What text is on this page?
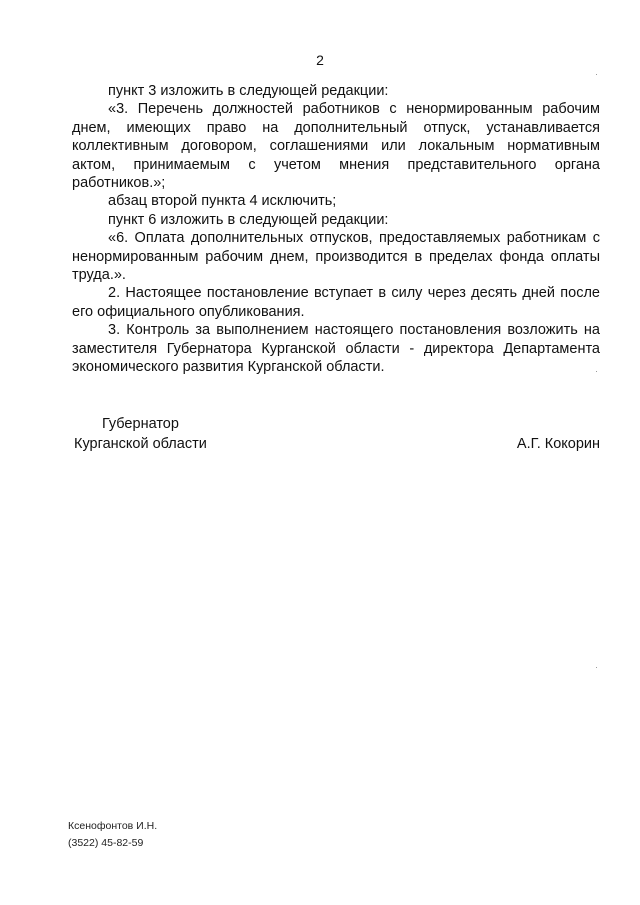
2

пункт 3 изложить в следующей редакции:

«3. Перечень должностей работников с ненормированным рабочим днем, имеющих право на дополнительный отпуск, устанавливается коллективным договором, соглашениями или локальным нормативным актом, принимаемым с учетом мнения представительного органа работников.»;

абзац второй пункта 4 исключить;

пункт 6 изложить в следующей редакции:

«6. Оплата дополнительных отпусков, предоставляемых работникам с ненормированным рабочим днем, производится в пределах фонда оплаты труда.».

2. Настоящее постановление вступает в силу через десять дней после его официального опубликования.

3. Контроль за выполнением настоящего постановления возложить на заместителя Губернатора Курганской области - директора Департамента экономического развития Курганской области.

Губернатор
Курганской области	А.Г. Кокорин
Ксенофонтов И.Н.
(3522) 45-82-59
